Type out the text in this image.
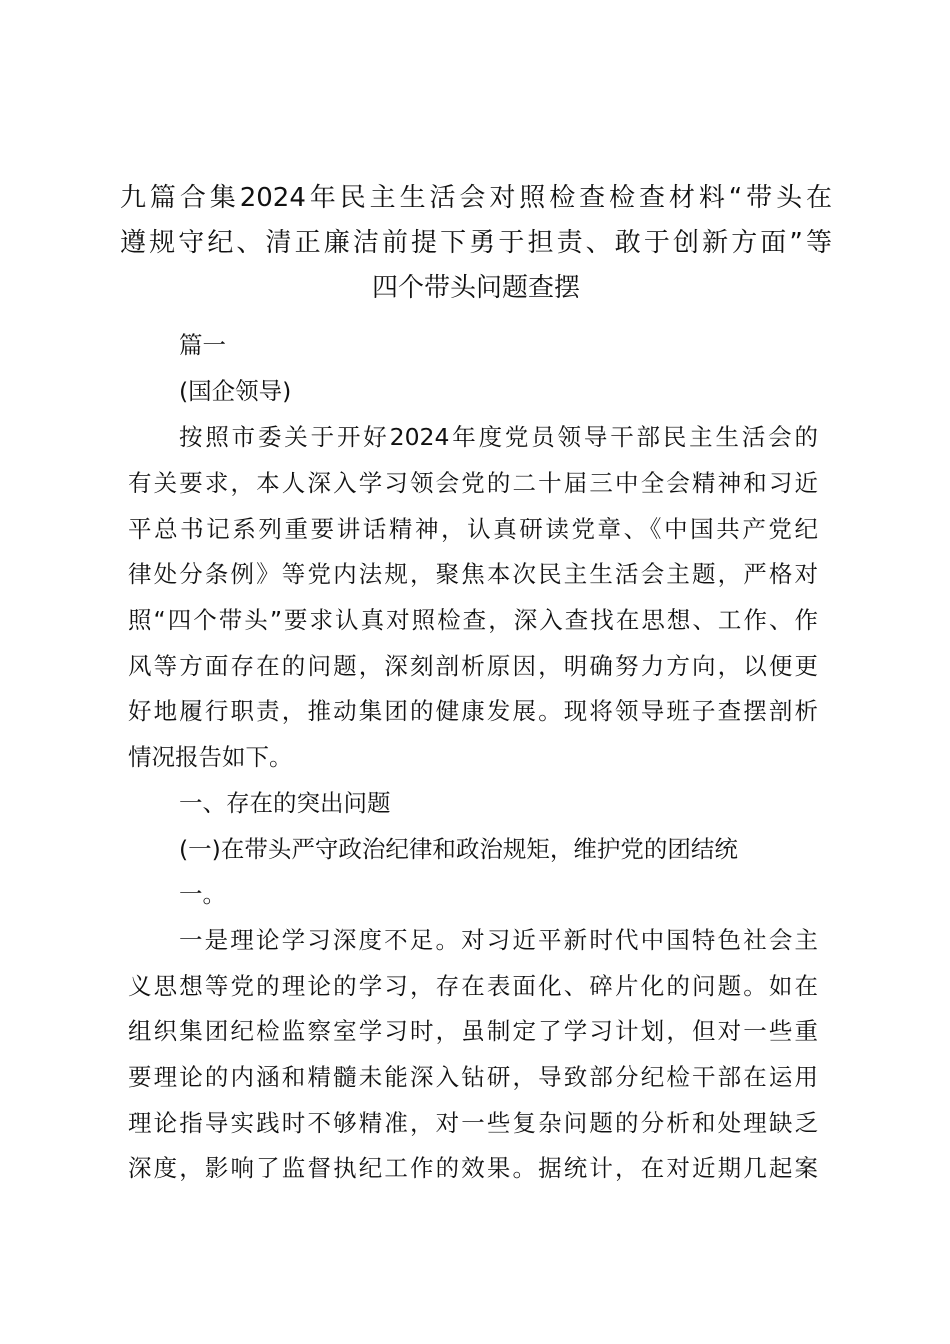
九篇合集2024年民主生活会对照检查检查材料“带头在
遵规守纪、清正廉洁前提下勇于担责、敢于创新方面”等
四个带头问题查摆
篇一
(国企领导)
按照市委关于开好2024年度党员领导干部民主生活会的
有关要求，本人深入学习领会党的二十届三中全会精神和习近
平总书记系列重要讲话精神，认真研读党章、《中国共产党纪
律处分条例》等党内法规，聚焦本次民主生活会主题，严格对
照“四个带头”要求认真对照检查，深入查找在思想、工作、作
风等方面存在的问题，深刻剖析原因，明确努力方向，以便更
好地履行职责，推动集团的健康发展。现将领导班子查摆剖析
情况报告如下。
一、存在的突出问题
(一)在带头严守政治纪律和政治规矩，维护党的团结统
一。
一是理论学习深度不足。对习近平新时代中国特色社会主
义思想等党的理论的学习，存在表面化、碎片化的问题。如在
组织集团纪检监察室学习时，虽制定了学习计划，但对一些重
要理论的内涵和精髓未能深入钻研，导致部分纪检干部在运用
理论指导实践时不够精准，对一些复杂问题的分析和处理缺乏
深度，影响了监督执纪工作的效果。据统计，在对近期几起案
